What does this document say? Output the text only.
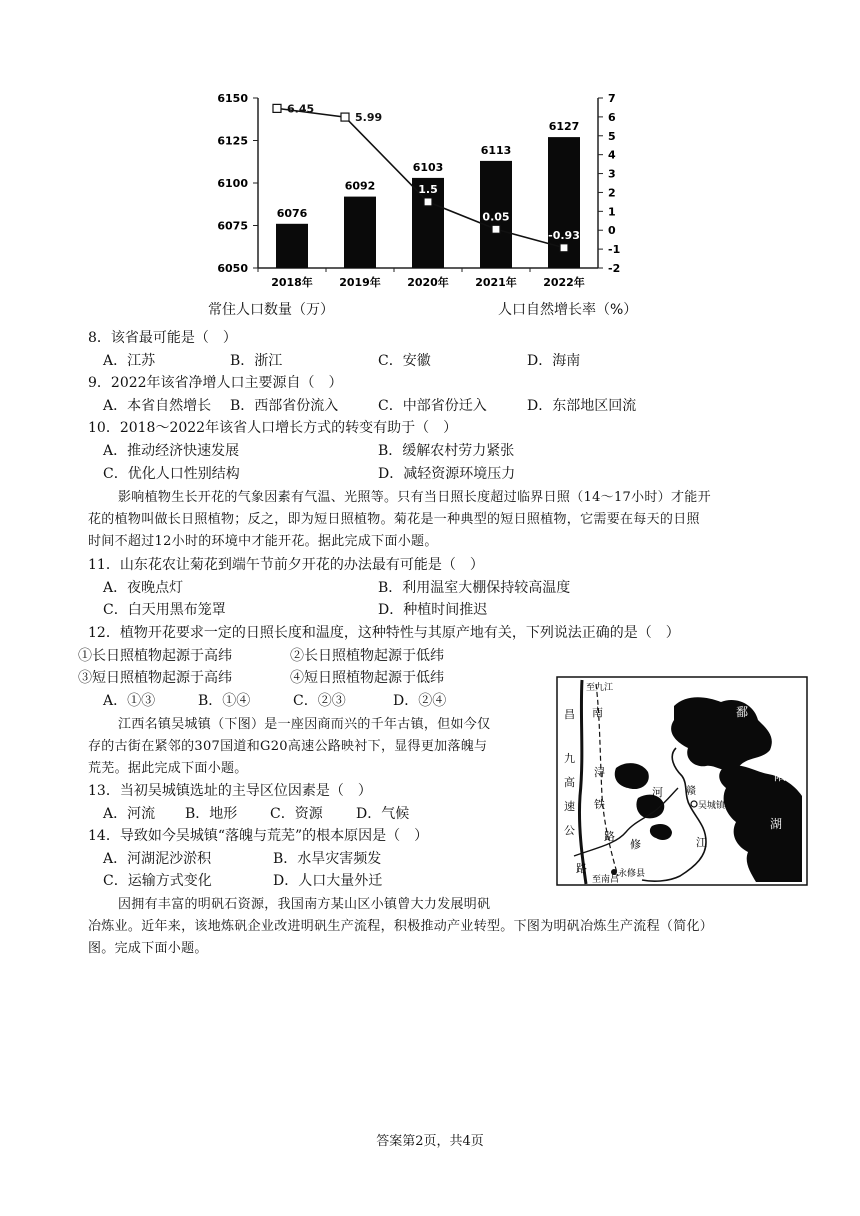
6050
6075
6100
6125
6150
-2
-1
0
1
2
3
4
5
6
7
6076
2018年
6092
2019年
6103
2020年
6113
2021年
6127
2022年
6.45
5.99
1.5
0.05
-0.93
常住人口数量（万）	人口自然增长率（%）
8．该省最可能是（　）
A．江苏	B．浙江	C．安徽	D．海南
9．2022年该省净增人口主要源自（　）
A．本省自然增长 B．西部省份流入	C．中部省份迁入	D．东部地区回流
10．2018～2022年该省人口增长方式的转变有助于（　）
A．推动经济快速发展	B．缓解农村劳力紧张
C．优化人口性别结构	D．减轻资源环境压力
影响植物生长开花的气象因素有气温、光照等。只有当日照长度超过临界日照（14～17小时）才能开
花的植物叫做长日照植物；反之，即为短日照植物。菊花是一种典型的短日照植物，它需要在每天的日照
时间不超过12小时的环境中才能开花。据此完成下面小题。
11．山东花农让菊花到端午节前夕开花的办法最有可能是（　）
A．夜晚点灯	B．利用温室大棚保持较高温度
C．白天用黑布笼罩	D．种植时间推迟
12．植物开花要求一定的日照长度和温度，这种特性与其原产地有关，下列说法正确的是（　）
①长日照植物起源于高纬	②长日照植物起源于低纬
③短日照植物起源于高纬	④短日照植物起源于低纬
A．①③	B．①④	C．②③	D．②④
江西名镇吴城镇（下图）是一座因商而兴的千年古镇，但如今仅
存的古街在紧邻的307国道和G20高速公路映衬下，显得更加落魄与
荒芜。据此完成下面小题。
13．当初吴城镇选址的主导区位因素是（　）
A．河流 B．地形 C．资源 D．气候
14．导致如今吴城镇“落魄与荒芜”的根本原因是（　）
A．河湖泥沙淤积	B．水旱灾害频发
C．运输方式变化	D．人口大量外迁
因拥有丰富的明矾石资源，我国南方某山区小镇曾大力发展明矾
冶炼业。近年来，该地炼矾企业改进明矾生产流程，积极推动产业转型。下图为明矾冶炼生产流程（简化）
图。完成下面小题。
至九江
至南昌
昌
九
高
速
公
路
南
浔
铁
路
修
河
江
赣
吴城镇
永修县
鄱
阳
湖
答案第2页，共4页
